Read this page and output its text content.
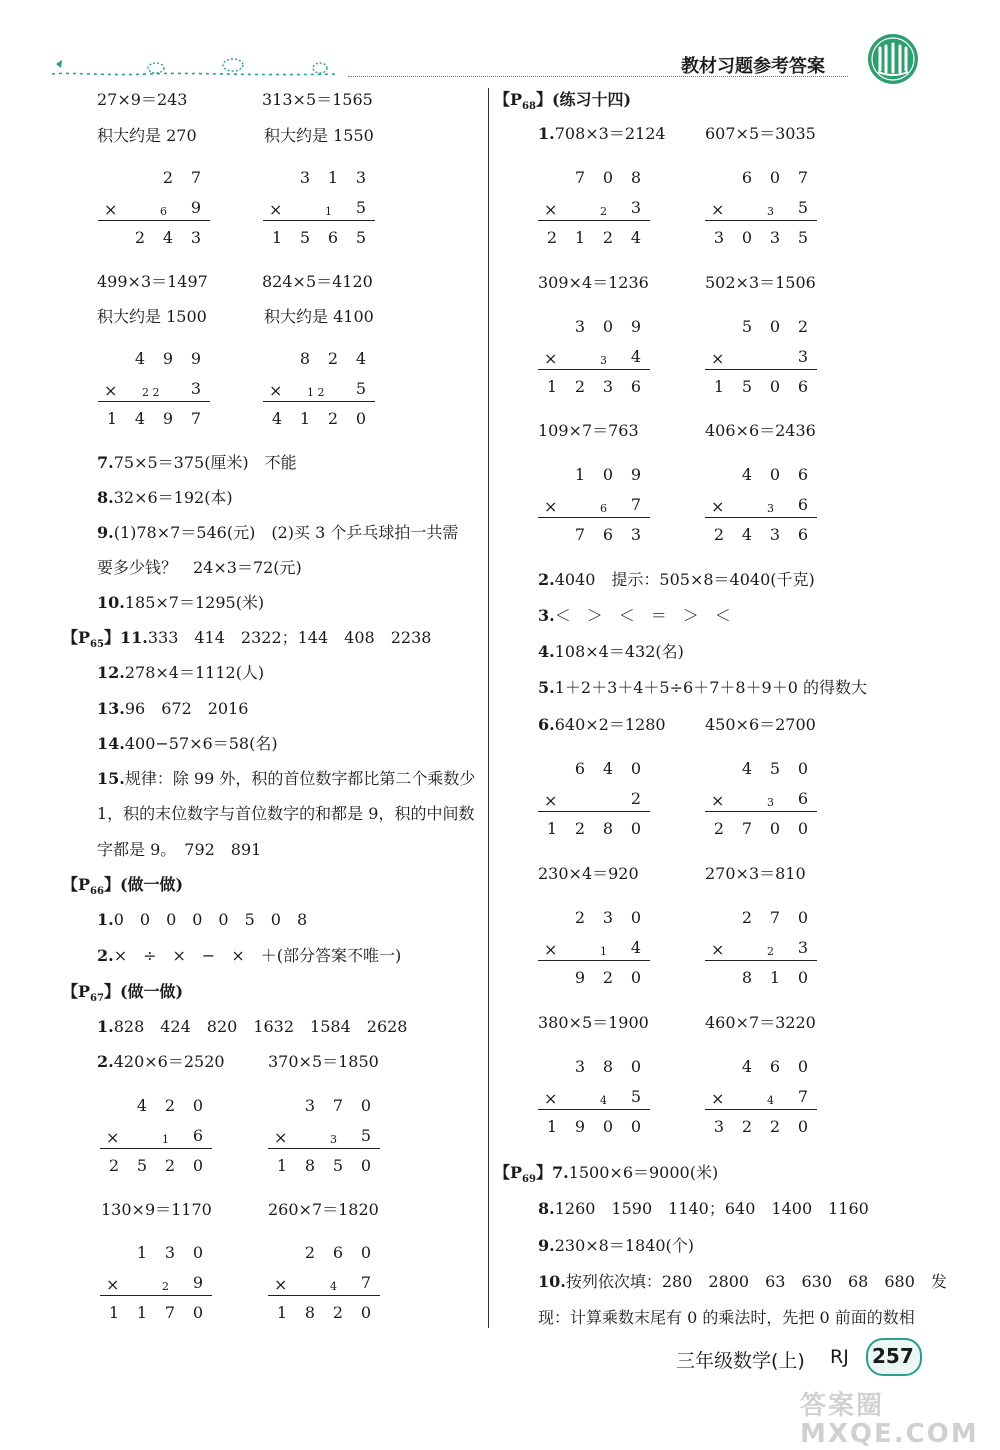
教材习题参考答案
27×9＝243	313×5＝1565
积大约是 270	积大约是 1550
499×3＝1497	824×5＝4120
积大约是 1500	积大约是 4100
7.75×5＝375(厘米)　不能
8.32×6＝192(本)
9.(1)78×7＝546(元)　(2)买 3 个乒乓球拍一共需
要多少钱？　24×3＝72(元)
10.185×7＝1295(米)
【$P_{65}$】11.333　414　2322；144　408　2238
12.278×4＝1112(人)
13.96　672　2016
14.400−57×6＝58(名)
15.规律：除 99 外，积的首位数字都比第二个乘数少
1，积的末位数字与首位数字的和都是 9，积的中间数
字都是 9。　792　891
【$P_{66}$】(做一做)
1.0　0　0　0　0　5　0　8
2.×　÷　×　−　×　＋(部分答案不唯一)
【$P_{67}$】(做一做)
1.828　424　820　1632　1584　2628
2.420×6＝2520	370×5＝1850
130×9＝1170	260×7＝1820
【$P_{68}$】(练习十四)
1.708×3＝2124 607×5＝3035
309×4＝1236	502×3＝1506
109×7＝763	406×6＝2436
2.4040　提示：505×8＝4040(千克)
3.＜　＞　＜　＝　＞　＜
4.108×4＝432(名)
5.1＋2＋3＋4＋5÷6＋7＋8＋9＋0 的得数大
6.640×2＝1280 450×6＝2700
230×4＝920	270×3＝810
380×5＝1900	460×7＝3220
【$P_{69}$】7.1500×6＝9000(米)
8.1260　1590　1140；640　1400　1160
9.230×8＝1840(个)
10.按列依次填：280　2800　63　630　68　680　发
现：计算乘数末尾有 0 的乘法时，先把 0 前面的数相
2	7
×	6	9
2	4	3
3	1	3
×	1	5
1	5	6	5
4	9	9
× 2 2	3
1	4	9	7
8	2	4
× 1 2	5
4	1	2	0
4	2	0
×	1	6
2	5	2	0
3	7	0
×	3	5
1	8	5	0
1	3	0
×	2	9
1	1	7	0
2	6	0
×	4	7
1	8	2	0
7	0	8
×	2	3
2	1	2	4
6	0	7
×	3	5
3	0	3	5
3	0	9
×	3	4
1	2	3	6
5	0	2
×	3
1	5	0	6
1	0	9
×	6	7
7	6	3
4	0	6
×	3	6
2	4	3	6
6	4	0
×	2
1	2	8	0
4	5	0
×	3	6
2	7	0	0
2	3	0
×	1	4
9	2	0
2	7	0
×	2	3
8	1	0
3	8	0
×	4	5
1	9	0	0
4	6	0
×	4	7
3	2	2	0
三年级数学(上) RJ 257
答案圈 MXQE.COM
